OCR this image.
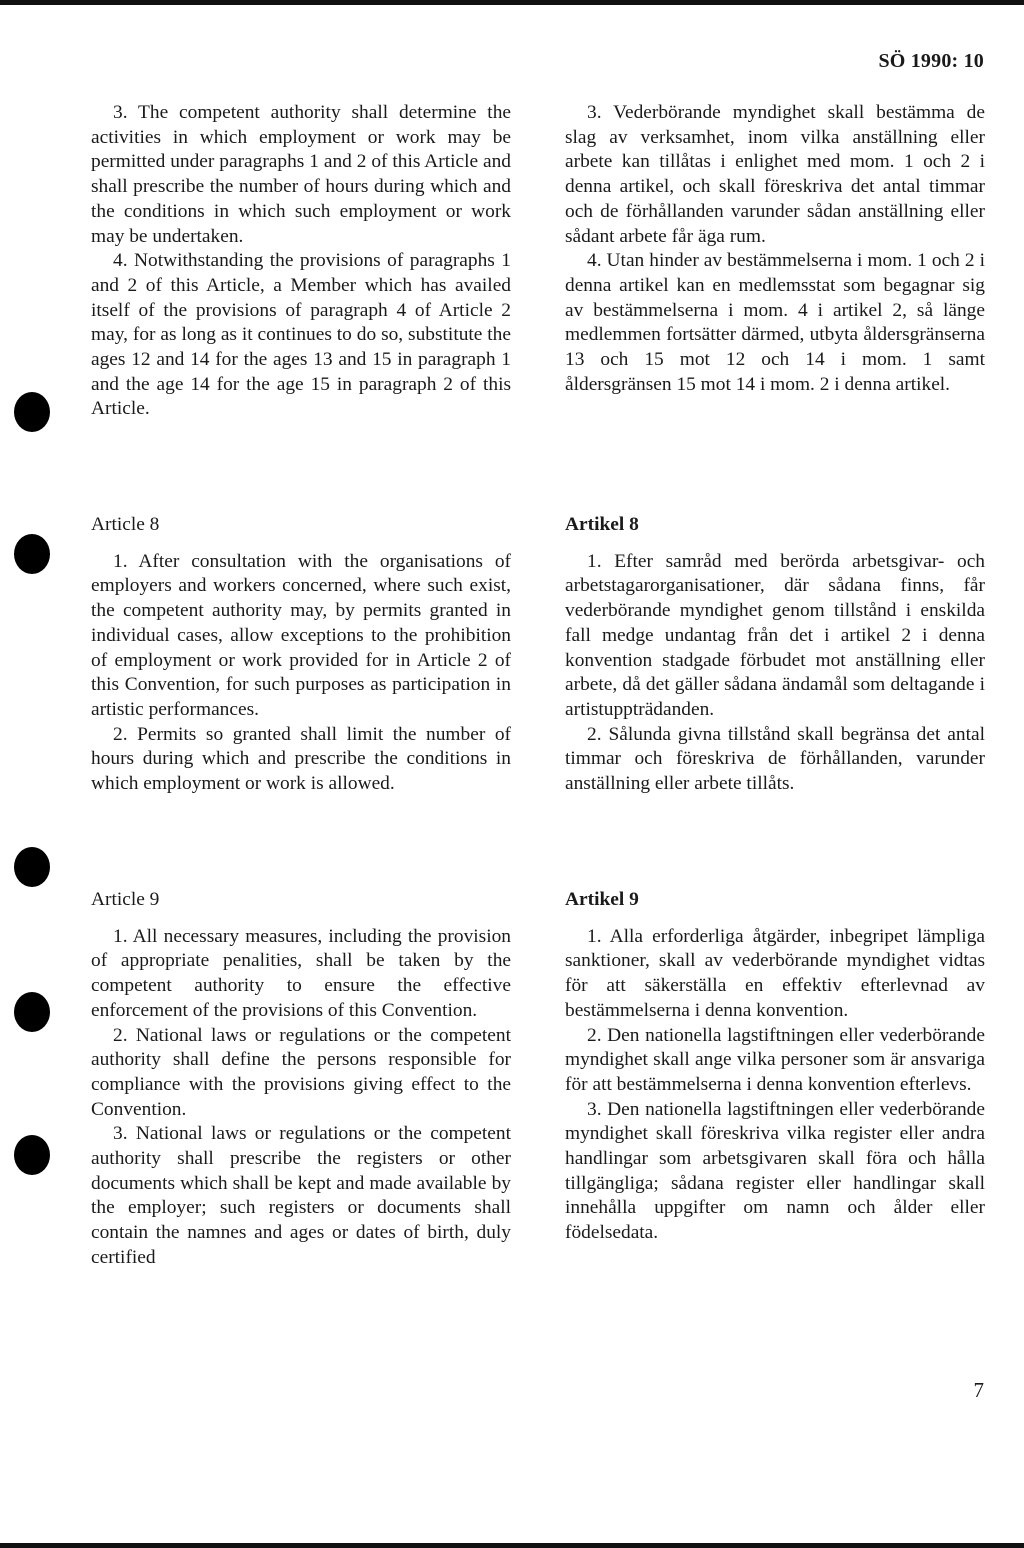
SÖ 1990: 10

3. The competent authority shall determine the activities in which employment or work may be permitted under paragraphs 1 and 2 of this Article and shall prescribe the number of hours during which and the conditions in which such employment or work may be undertaken.

4. Notwithstanding the provisions of paragraphs 1 and 2 of this Article, a Member which has availed itself of the provisions of paragraph 4 of Article 2 may, for as long as it continues to do so, substitute the ages 12 and 14 for the ages 13 and 15 in paragraph 1 and the age 14 for the age 15 in paragraph 2 of this Article.

Article 8

1. After consultation with the organisations of employers and workers concerned, where such exist, the competent authority may, by permits granted in individual cases, allow exceptions to the prohibition of employment or work provided for in Article 2 of this Convention, for such purposes as participation in artistic performances.

2. Permits so granted shall limit the number of hours during which and prescribe the conditions in which employment or work is allowed.

Article 9

1. All necessary measures, including the provision of appropriate penalities, shall be taken by the competent authority to ensure the effective enforcement of the provisions of this Convention.

2. National laws or regulations or the competent authority shall define the persons responsible for compliance with the provisions giving effect to the Convention.

3. National laws or regulations or the competent authority shall prescribe the registers or other documents which shall be kept and made available by the employer; such registers or documents shall contain the namnes and ages or dates of birth, duly certified

3. Vederbörande myndighet skall bestämma de slag av verksamhet, inom vilka anställning eller arbete kan tillåtas i enlighet med mom. 1 och 2 i denna artikel, och skall föreskriva det antal timmar och de förhållanden varunder sådan anställning eller sådant arbete får äga rum.

4. Utan hinder av bestämmelserna i mom. 1 och 2 i denna artikel kan en medlemsstat som begagnar sig av bestämmelserna i mom. 4 i artikel 2, så länge medlemmen fortsätter därmed, utbyta åldersgränserna 13 och 15 mot 12 och 14 i mom. 1 samt åldersgränsen 15 mot 14 i mom. 2 i denna artikel.

Artikel 8

1. Efter samråd med berörda arbetsgivar- och arbetstagarorganisationer, där sådana finns, får vederbörande myndighet genom tillstånd i enskilda fall medge undantag från det i artikel 2 i denna konvention stadgade förbudet mot anställning eller arbete, då det gäller sådana ändamål som deltagande i artistuppträdanden.

2. Sålunda givna tillstånd skall begränsa det antal timmar och föreskriva de förhållanden, varunder anställning eller arbete tillåts.

Artikel 9

1. Alla erforderliga åtgärder, inbegripet lämpliga sanktioner, skall av vederbörande myndighet vidtas för att säkerställa en effektiv efterlevnad av bestämmelserna i denna konvention.

2. Den nationella lagstiftningen eller vederbörande myndighet skall ange vilka personer som är ansvariga för att bestämmelserna i denna konvention efterlevs.

3. Den nationella lagstiftningen eller vederbörande myndighet skall föreskriva vilka register eller andra handlingar som arbetsgivaren skall föra och hålla tillgängliga; sådana register eller handlingar skall innehålla uppgifter om namn och ålder eller födelsedata.

7
